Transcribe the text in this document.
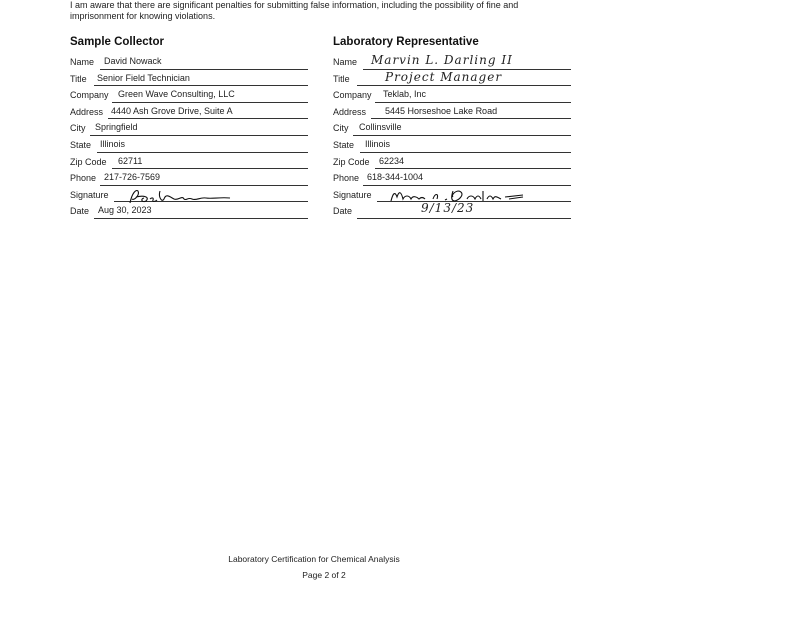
I am aware that there are significant penalties for submitting false information, including the possibility of fine and imprisonment for knowing violations.
Sample Collector
Name David Nowack
Title Senior Field Technician
Company Green Wave Consulting, LLC
Address 4440 Ash Grove Drive, Suite A
City Springfield
State Illinois
Zip Code 62711
Phone 217-726-7569
Signature
Date Aug 30, 2023
Laboratory Representative
Name Marvin L. Darling II
Title	Project Manager
Company Teklab, Inc
Address 5445 Horseshoe Lake Road
City Collinsville
State Illinois
Zip Code 62234
Phone 618-344-1004
Signature
Date	9/13/23
Laboratory Certification for Chemical Analysis
Page 2 of 2
